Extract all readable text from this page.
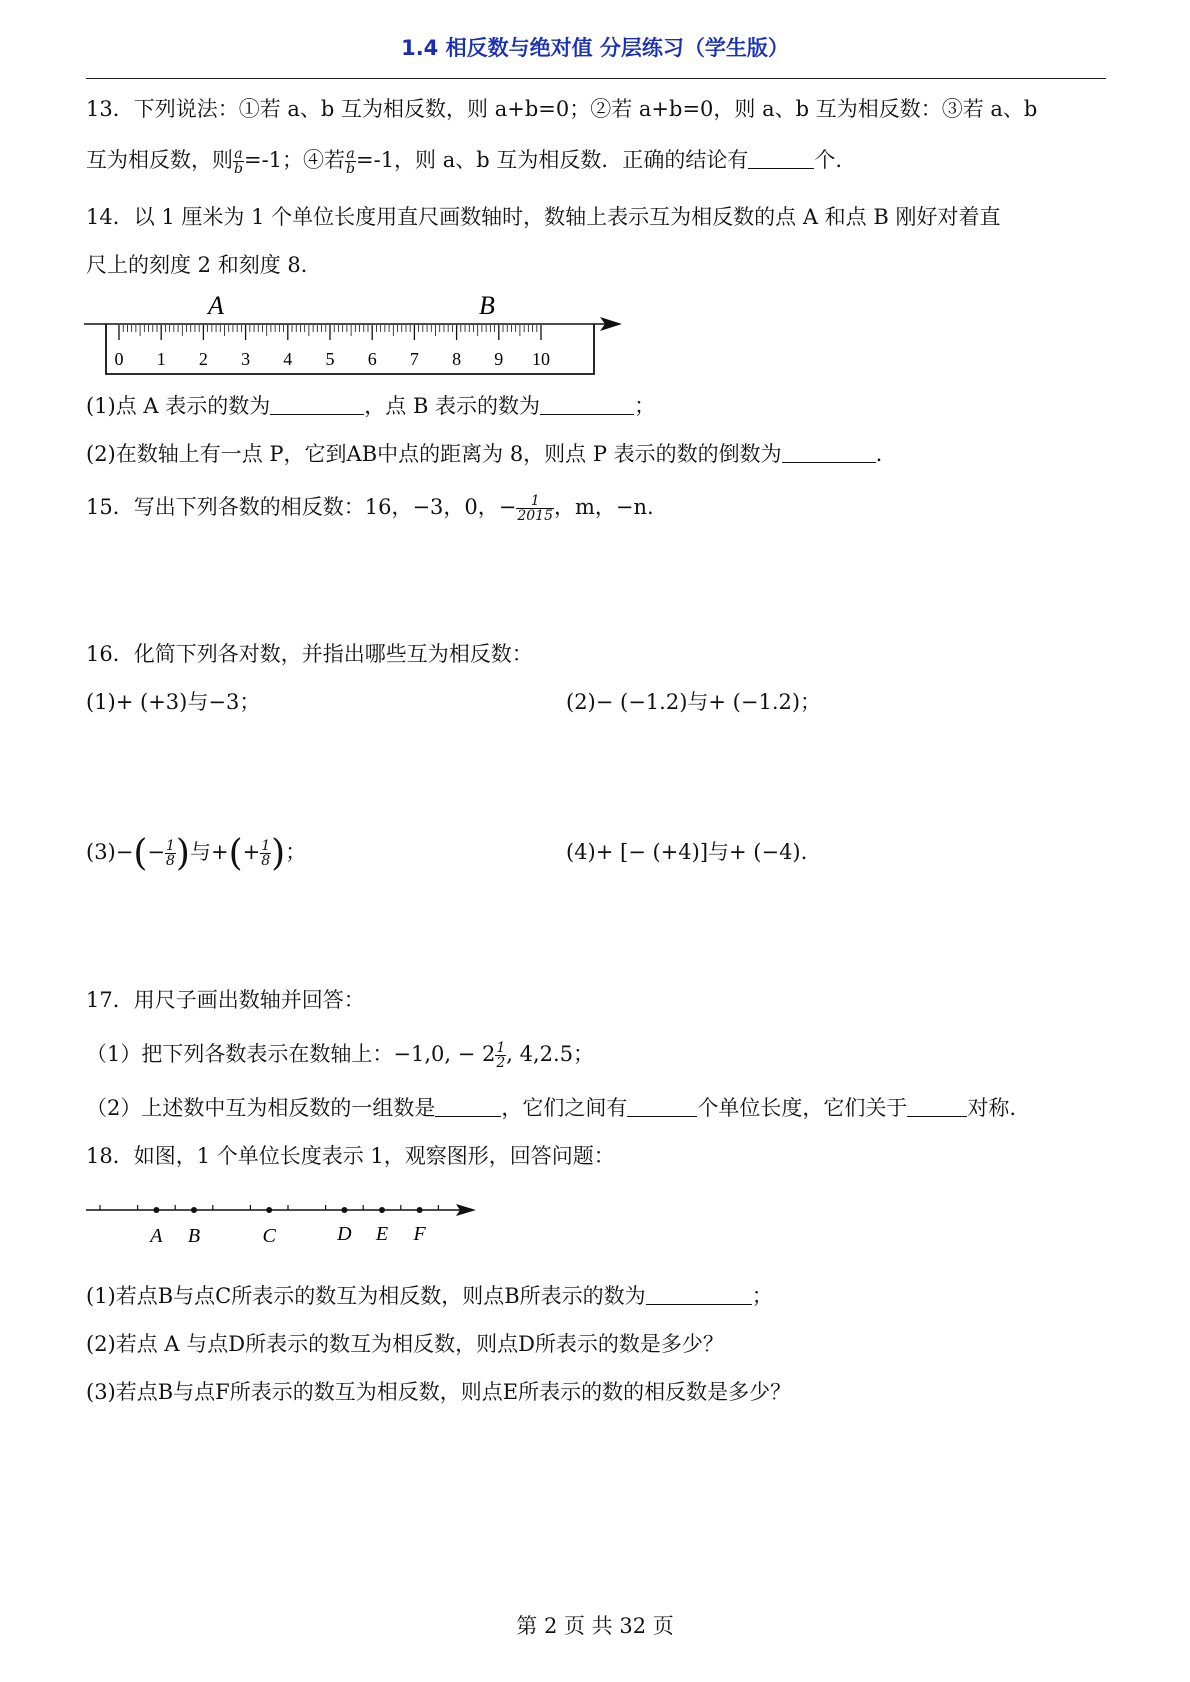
1.4 相反数与绝对值 分层练习（学生版）
13．下列说法：①若 a、b 互为相反数，则 a+b=0；②若 a+b=0，则 a、b 互为相反数：③若 a、b
互为相反数，则 $\frac{a}{b} =-1$；④若 $\frac{a}{b} =-1$，则 a、b 互为相反数．正确的结论有	个.
14．以 1 厘米为 1 个单位长度用直尺画数轴时，数轴上表示互为相反数的点 A 和点 B 刚好对着直
尺上的刻度 2 和刻度 8．
0 1 2 3 4 5 6 7 8 9 10
A	B
(1)点 A 表示的数为	，点 B 表示的数为	；
(2)在数轴上有一点 P，它到AB中点的距离为 8，则点 P 表示的数的倒数为	.
15．写出下列各数的相反数：16，−3，0，− $\frac{1}{2015}$ ，m，−n.
16．化简下列各对数，并指出哪些互为相反数：
(1)+ (+3)与−3；	(2)− (−1.2)与+ (−1.2)；
$(3)-(- \frac{1}{8}$ )与+(+ $\frac{1}{8}$ )；	(4)+ [− (+4)]与+ (−4).
17．用尺子画出数轴并回答：
（1）把下列各数表示在数轴上：−1,0, − $2 \frac{1}{2}$ , 4,2.5；
（2）上述数中互为相反数的一组数是	，它们之间有	个单位长度，它们关于	对称.
18．如图，1 个单位长度表示 1，观察图形，回答问题：
A B	C	D E F
(1)若点B与点C所表示的数互为相反数，则点B所表示的数为	；
(2)若点 A 与点D所表示的数互为相反数，则点D所表示的数是多少？
(3)若点B与点F所表示的数互为相反数，则点E所表示的数的相反数是多少？
第 2 页 共 32 页
